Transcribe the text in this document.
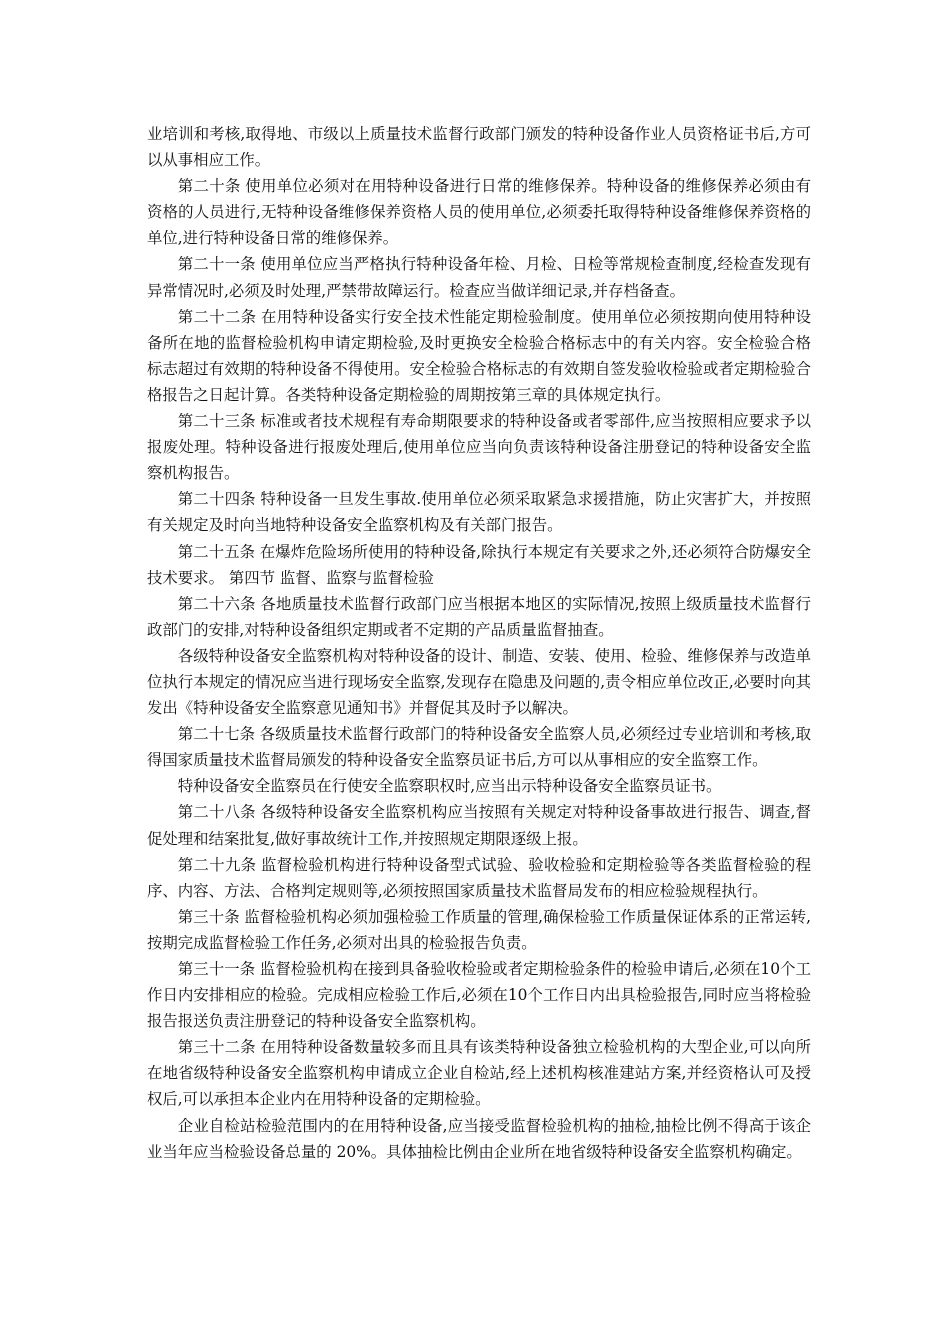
业培训和考核,取得地、市级以上质量技术监督行政部门颁发的特种设备作业人员资格证书后,方可以从事相应工作。

第二十条 使用单位必须对在用特种设备进行日常的维修保养。特种设备的维修保养必须由有资格的人员进行,无特种设备维修保养资格人员的使用单位,必须委托取得特种设备维修保养资格的单位,进行特种设备日常的维修保养。

第二十一条 使用单位应当严格执行特种设备年检、月检、日检等常规检查制度,经检查发现有异常情况时,必须及时处理,严禁带故障运行。检查应当做详细记录,并存档备查。

第二十二条 在用特种设备实行安全技术性能定期检验制度。使用单位必须按期向使用特种设备所在地的监督检验机构申请定期检验,及时更换安全检验合格标志中的有关内容。安全检验合格标志超过有效期的特种设备不得使用。安全检验合格标志的有效期自签发验收检验或者定期检验合格报告之日起计算。各类特种设备定期检验的周期按第三章的具体规定执行。

第二十三条 标准或者技术规程有寿命期限要求的特种设备或者零部件,应当按照相应要求予以报废处理。特种设备进行报废处理后,使用单位应当向负责该特种设备注册登记的特种设备安全监察机构报告。

第二十四条 特种设备一旦发生事故.使用单位必须采取紧急求援措施，防止灾害扩大，并按照有关规定及时向当地特种设备安全监察机构及有关部门报告。

第二十五条 在爆炸危险场所使用的特种设备,除执行本规定有关要求之外,还必须符合防爆安全技术要求。 第四节 监督、监察与监督检验

第二十六条 各地质量技术监督行政部门应当根据本地区的实际情况,按照上级质量技术监督行政部门的安排,对特种设备组织定期或者不定期的产品质量监督抽查。

各级特种设备安全监察机构对特种设备的设计、制造、安装、使用、检验、维修保养与改造单位执行本规定的情况应当进行现场安全监察,发现存在隐患及问题的,责令相应单位改正,必要时向其发出《特种设备安全监察意见通知书》并督促其及时予以解决。

第二十七条 各级质量技术监督行政部门的特种设备安全监察人员,必须经过专业培训和考核,取得国家质量技术监督局颁发的特种设备安全监察员证书后,方可以从事相应的安全监察工作。

特种设备安全监察员在行使安全监察职权时,应当出示特种设备安全监察员证书。

第二十八条 各级特种设备安全监察机构应当按照有关规定对特种设备事故进行报告、调查,督促处理和结案批复,做好事故统计工作,并按照规定期限逐级上报。

第二十九条 监督检验机构进行特种设备型式试验、验收检验和定期检验等各类监督检验的程序、内容、方法、合格判定规则等,必须按照国家质量技术监督局发布的相应检验规程执行。

第三十条 监督检验机构必须加强检验工作质量的管理,确保检验工作质量保证体系的正常运转,按期完成监督检验工作任务,必须对出具的检验报告负责。

第三十一条 监督检验机构在接到具备验收检验或者定期检验条件的检验申请后,必须在10个工作日内安排相应的检验。完成相应检验工作后,必须在10个工作日内出具检验报告,同时应当将检验报告报送负责注册登记的特种设备安全监察机构。

第三十二条 在用特种设备数量较多而且具有该类特种设备独立检验机构的大型企业,可以向所在地省级特种设备安全监察机构申请成立企业自检站,经上述机构核准建站方案,并经资格认可及授权后,可以承担本企业内在用特种设备的定期检验。

企业自检站检验范围内的在用特种设备,应当接受监督检验机构的抽检,抽检比例不得高于该企业当年应当检验设备总量的 20%。具体抽检比例由企业所在地省级特种设备安全监察机构确定。
